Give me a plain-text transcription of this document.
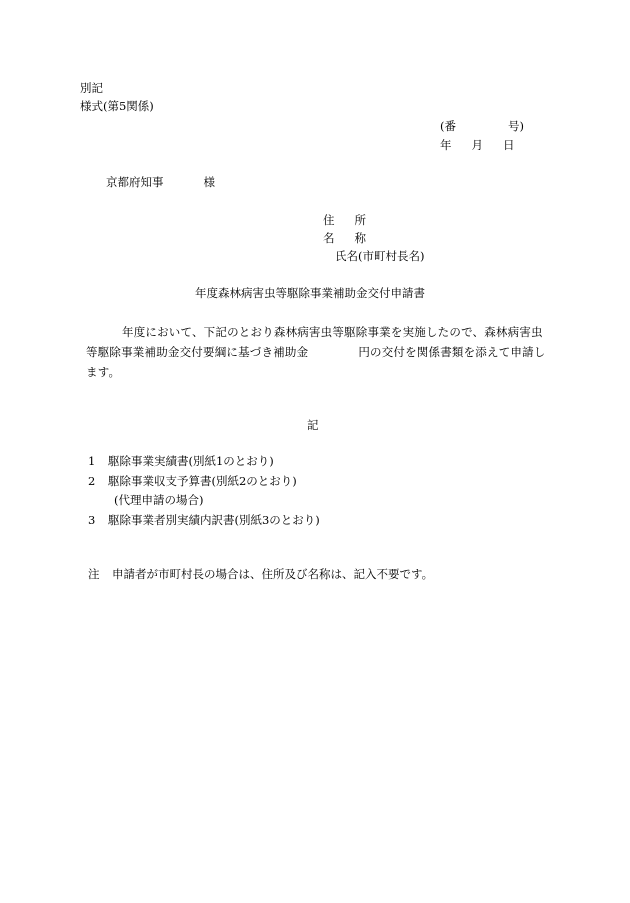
別記
様式(第5関係)
(番	号)
年 月 日
京都府知事	様
住 所
名 称
氏名(市町村長名)
年度森林病害虫等駆除事業補助金交付申請書
年度において、下記のとおり森林病害虫等駆除事業を実施したので、森林病害虫等駆除事業補助金交付要綱に基づき補助金	円の交付を関係書類を添えて申請します。
記
1 駆除事業実績書(別紙1のとおり)
2 駆除事業収支予算書(別紙2のとおり)
(代理申請の場合)
3 駆除事業者別実績内訳書(別紙3のとおり)
注 申請者が市町村長の場合は、住所及び名称は、記入不要です。
